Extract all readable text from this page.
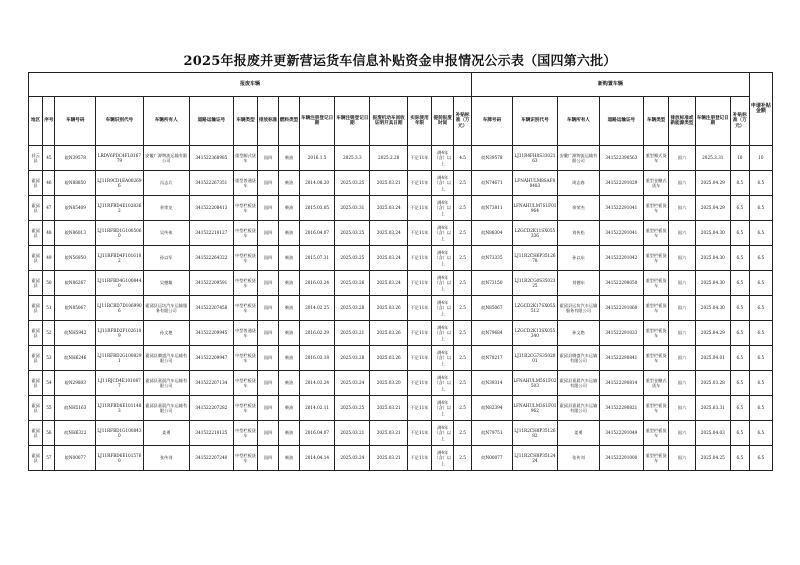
2025年报废并更新营运货车信息补贴资金申报情况公示表（国四第六批）
报废车辆															新购置车辆								申请补贴金额
地区	序号	车辆号码	车辆识别代号	车辆所有人	道路运输证号	车辆类型	排放标准	燃料类型	车辆注册登记日期	车辆注销登记日期	报废机动车回收证明开具日期	实际使用年限	提前报废时间	补贴标准（万元）	车牌号码	车辆识别代号	车辆所有人	道路运输证号	车辆类型	排放标准或新能源类型	车辆注册登记日期	补贴标准（万元）	
祥云县	45	皖N39578	LRDV6PDC4FL016779	安徽广源物流运输有限公司	341522368985	重型厢式货车	国四	柴油	2016.1.5	2025.3.3	2025.2.28	不足11年	满4年（含）以上	4.5	皖N39578	LJ11R4FH8S3302163	安徽广源物流运输有限公司	341522390563	重型厢式货车	国六	2025.3.31	10	10
霍邱县	46	皖N88850	LJ11R9CD1EA002696	冯志兵	341522267351	重型普通货车	国四	柴油	2014.08.20	2025.03.25	2025.03.21	不足11年	满4年（含）以上	2.5	皖N74671	LFNAHULM8SAF00483	周志春	341522291029	重型仓栅式货车	国六	2025.04.29	8.5	6.5
霍邱县	47	皖N85409	LJ11RFBD4E1028362	余荣龙	341522208413	中型栏板货车	国四	柴油	2015.03.05	2025.03.31	2025.03.24	不足11年	满4年（含）以上	2.5	皖N73811	LFNAHULM7S1F01964	余荣杰	341522291041	重型栏板货车	国六	2025.04.29	6.5	6.5
霍邱县	48	皖N86013	LJ11RFBD1G1005060	吴传伟	341522210127	中型栏板货车	国四	柴油	2016.04.07	2025.03.25	2025.03.24	不足11年	满4年（含）以上	2.5	皖N88304	LZGCD2K11SX055336	刘传松	341522291041	重型栏板货车	国六	2025.04.30	6.5	6.5
霍邱县	49	皖N56950	LJ11RFBD4F1016102	孙以军	341522264322	中型栏板货车	国四	柴油	2015.07.31	2025.03.25	2025.03.24	不足11年	满4年（含）以上	2.5	皖N73335	LJ11R2CH6P3512678	孙以东	341522291042	重型栏板货车	国六	2025.04.30	6.5	6.5
霍邱县	50	皖N86267	LJ11RFBD4G1008440	吴德雄	341522209591	中型栏板货车	国四	柴油	2016.03.24	2025.03.26	2025.03.24	不足11年	满4年（含）以上	2.5	皖N73150	LJ11R2CG0S3502325	刘德东	341522298050	重型栏板货车	国六	2025.04.30	6.5	6.5
霍邱县	51	皖N85067	LJ11RCBD7D1069906	霍邱县运坊汽车运输服务有限公司	341522207458	中型栏板货车	国四	柴油	2014.02.25	2025.03.28	2025.03.26	不足11年	满4年（含）以上	2.5	皖N85067	LZGCD2K17SX055512	霍邱县运坊汽车运输服务有限公司	341522291060	重型栏板货车	国六	2025.04.30	6.5	6.5
霍邱县	52	皖NH5942	LJ11RFBD2F1026109	孙文艳	341522209945	中型普通货车	国四	柴油	2016.02.29	2025.03.21	2025.03.26	不足11年	满4年（含）以上	2.5	皖N79684	LZGCD2K13SX055340	孙文艳	341522291033	重型栏板货车	国六	2025.04.29	6.5	6.5
霍邱县	53	皖NH6246	LJ11RFBD2G1008291	霍邱县腾盛汽车运输有限公司	341522209947	中型栏板货车	国四	柴油	2016.03.18	2025.03.28	2025.03.26	不足11年	满4年（含）以上	2.5	皖N78217	LJ11R2CG7S3502001	霍邱县腾盛汽车运输有限公司	341522290841	重型栏板货车	国六	2025.04.01	6.5	6.5
霍邱县	54	皖N29803	LJ11RJCD4E1010877	霍邱县嘉晨汽车运输有限公司	341522207134	中型栏板货车	国四	柴油	2014.03.24	2025.03.24	2025.03.20	不足11年	满4年（含）以上	2.5	皖N39314	LFNAHULM5S1F02503	霍邱县嘉晨汽车运输有限公司	341522290814	重型仓栅式货车	国六	2025.03.28	6.5	6.5
霍邱县	55	皖NH5163	LJ11RFBD8E1011483	霍邱县嘉晨汽车运输有限公司	341522207282	中型栏板货车	国四	柴油	2014.02.11	2025.03.25	2025.03.21	不足11年	满4年（含）以上	2.5	皖N82394	LFNAHULM3S1F01962	霍邱县嘉晨汽车运输有限公司	341522290821	重型栏板货车	国六	2025.03.31	6.5	6.5
霍邱县	56	皖NH6322	LJ11RFBD1G1008430	姜勇	341522210125	中型栏板货车	国四	柴油	2016.04.07	2025.03.21	2025.03.21	不足11年	满4年（含）以上	2.5	皖N79751	LJ11R2CH8P3512682	姜勇	341522291049	重型栏板货车	国六	2025.04.03	6.5	6.5
霍邱县	57	皖N00077	LJ11RFBD6E1015760	张传刘	341522207240	中型栏板货车	国四	柴油	2014.04.14	2025.03.24	2025.03.21	不足11年	满4年（含）以上	2.5	皖N00077	LJ11R2CH8P3512424	张传刘	341522291000	重型栏板货车	国六	2025.04.25	6.5	6.5
